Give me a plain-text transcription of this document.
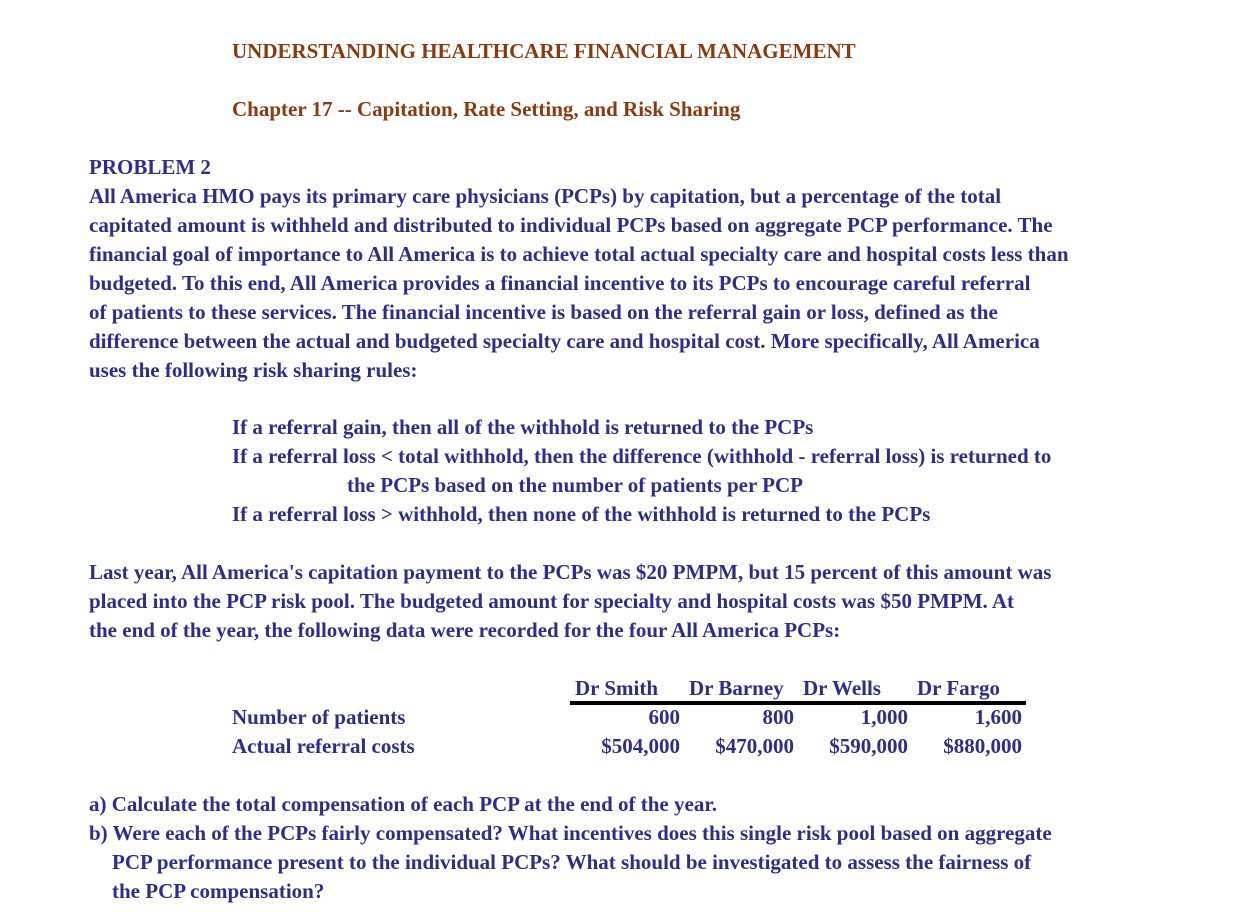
UNDERSTANDING HEALTHCARE FINANCIAL MANAGEMENT
Chapter 17 -- Capitation, Rate Setting, and Risk Sharing
PROBLEM 2
All America HMO pays its primary care physicians (PCPs) by capitation, but a percentage of the total
capitated amount is withheld and distributed to individual PCPs based on aggregate PCP performance. The
financial goal of importance to All America is to achieve total actual specialty care and hospital costs less than
budgeted. To this end, All America provides a financial incentive to its PCPs to encourage careful referral
of patients to these services. The financial incentive is based on the referral gain or loss, defined as the
difference between the actual and budgeted specialty care and hospital cost. More specifically, All America
uses the following risk sharing rules:
If a referral gain, then all of the withhold is returned to the PCPs
If a referral loss < total withhold, then the difference (withhold - referral loss) is returned to
the PCPs based on the number of patients per PCP
If a referral loss > withhold, then none of the withhold is returned to the PCPs
Last year, All America's capitation payment to the PCPs was $20 PMPM, but 15 percent of this amount was
placed into the PCP risk pool. The budgeted amount for specialty and hospital costs was $50 PMPM. At
the end of the year, the following data were recorded for the four All America PCPs:
Dr Smith Dr Barney Dr Wells Dr Fargo
Number of patients	600	800	1,000	1,600
Actual referral costs	$504,000	$470,000	$590,000	$880,000
a) Calculate the total compensation of each PCP at the end of the year.
b) Were each of the PCPs fairly compensated? What incentives does this single risk pool based on aggregate
PCP performance present to the individual PCPs? What should be investigated to assess the fairness of
the PCP compensation?
